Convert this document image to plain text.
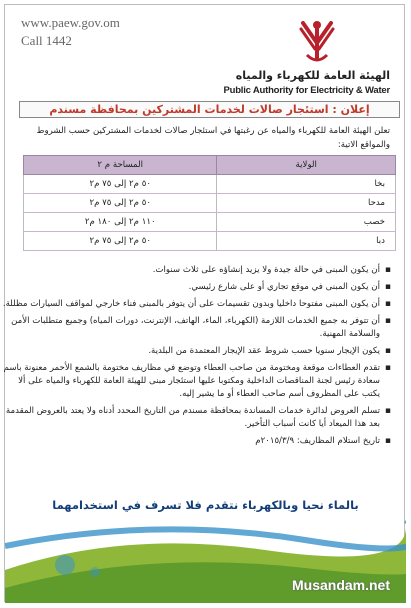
www.paew.gov.om
Call 1442
الهيئة العامة للكهرباء والمياه
Public Authority for Electricity & Water
إعلان : استئجار صالات لخدمات المشتركين بمحافظة مسندم
تعلن الهيئة العامة للكهرباء والمياه عن رغبتها في استئجار صالات لخدمات المشتركين حسب الشروط والمواقع الاتية:
الولاية	المساحة م ٢
بخا	٥٠ م٢ إلى ٧٥ م٢
مدحا	٥٠ م٢ إلى ٧٥ م٢
خصب	١١٠ م٢ إلى ١٨٠ م٢
دبا	٥٠ م٢ إلى ٧٥ م٢
▪ أن يكون المبنى في حالة جيدة ولا يزيد إنشاؤه على ثلاث سنوات.
▪ أن يكون المبنى في موقع تجاري أو على شارع رئيسي.
▪ أن يكون المبنى مفتوحا داخليا وبدون تقسيمات على أن يتوفر بالمبنى فناء خارجي لمواقف السيارات مظللة.
▪ أن تتوفر به جميع الخدمات اللازمة (الكهرباء، الماء، الهاتف، الإنترنت، دورات المياه) وجميع متطلبات الأمن والسلامة المهنية.
▪ يكون الإيجار سنويا حسب شروط عقد الإيجار المعتمدة من البلدية.
▪ تقدم العطاءات موقعة ومختومة من صاحب العطاء وتوضع في مظاريف مختومة بالشمع الأحمر معنونة باسم سعادة رئيس لجنة المناقصات الداخلية ومكتوبا عليها استئجار مبنى للهيئة العامة للكهرباء والمياه على ألا يكتب على المظروف أسم صاحب العطاء أو ما يشير إليه.
▪ تسلم العروض لدائرة خدمات المساندة بمحافظة مسندم من التاريخ المحدد أدناه ولا يعتد بالعروض المقدمة بعد هذا الميعاد أيا كانت أسباب التأخير.
▪ تاريخ استلام المظاريف: ٢٠١٥/٣/٩م
بالماء نحيا وبالكهرباء نتقدم فلا تسرف في استخدامهما
Musandam.net
